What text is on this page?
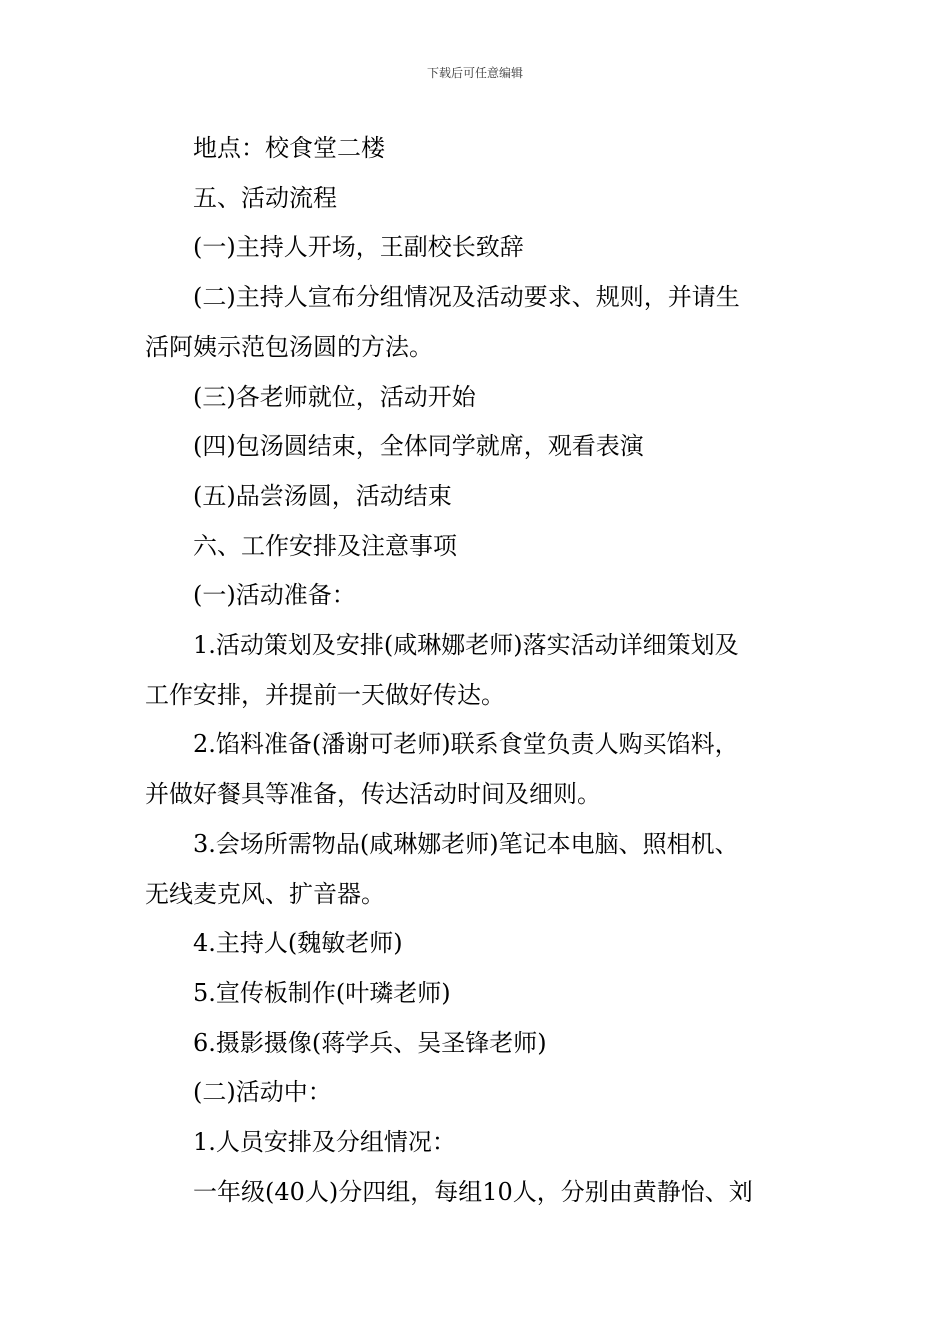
下载后可任意编辑

地点：校食堂二楼

五、活动流程

(一)主持人开场，王副校长致辞

(二)主持人宣布分组情况及活动要求、规则，并请生

活阿姨示范包汤圆的方法。

(三)各老师就位，活动开始

(四)包汤圆结束，全体同学就席，观看表演

(五)品尝汤圆，活动结束

六、工作安排及注意事项

(一)活动准备：

1.活动策划及安排(咸琳娜老师)落实活动详细策划及

工作安排，并提前一天做好传达。

2.馅料准备(潘谢可老师)联系食堂负责人购买馅料，

并做好餐具等准备，传达活动时间及细则。

3.会场所需物品(咸琳娜老师)笔记本电脑、照相机、

无线麦克风、扩音器。

4.主持人(魏敏老师)

5.宣传板制作(叶璘老师)

6.摄影摄像(蒋学兵、吴圣锋老师)

(二)活动中：

1.人员安排及分组情况：

一年级(40人)分四组，每组10人，分别由黄静怡、刘
